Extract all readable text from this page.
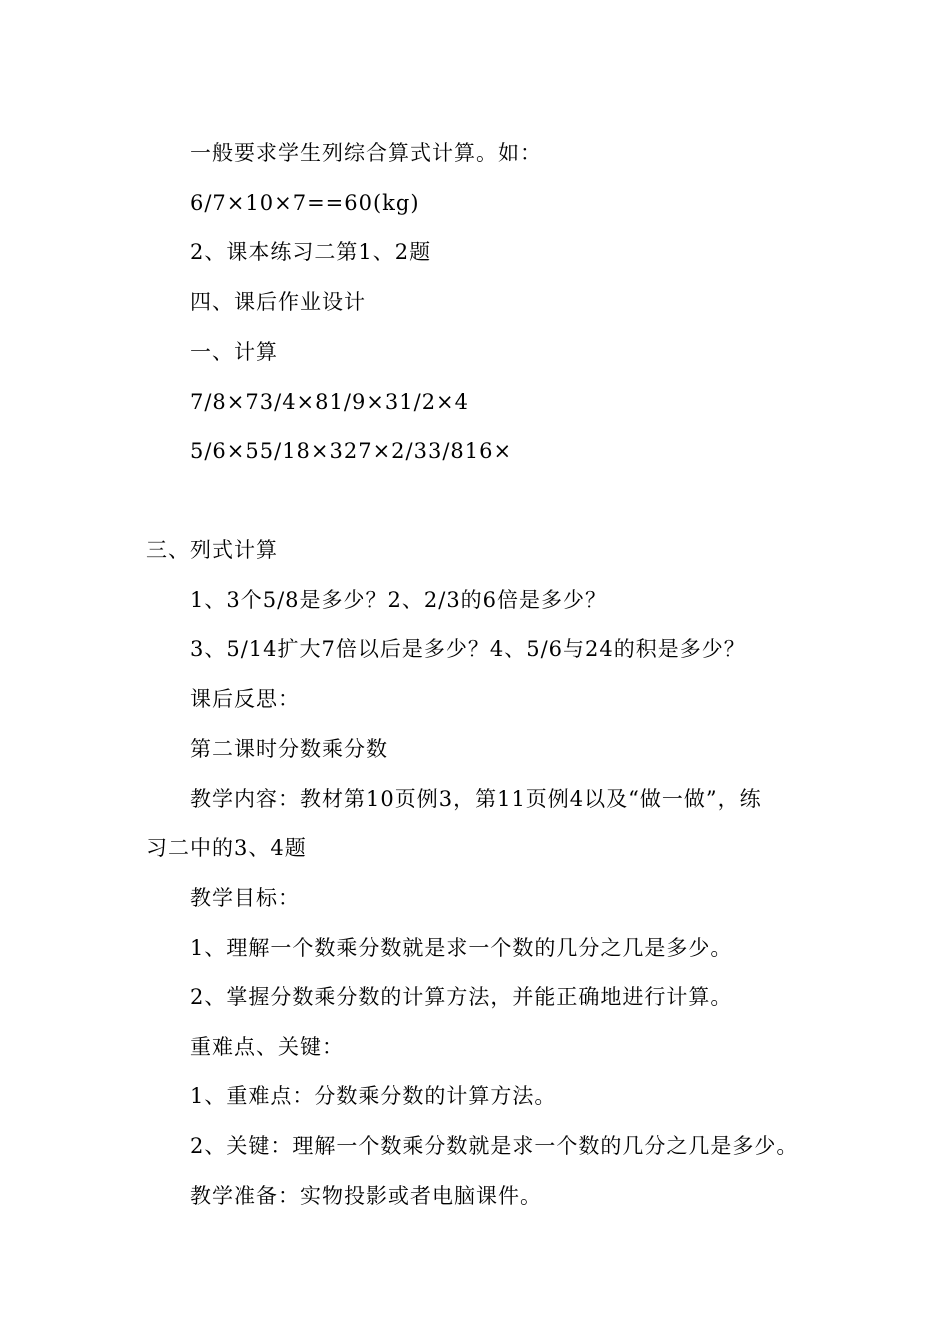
一般要求学生列综合算式计算。如：
6/7×10×7==60(kg)
2、课本练习二第1、2题
四、课后作业设计
一、计算
7/8×73/4×81/9×31/2×4
5/6×55/18×327×2/33/816×
三、列式计算
1、3个5/8是多少？2、2/3的6倍是多少？
3、5/14扩大7倍以后是多少？4、5/6与24的积是多少？
课后反思：
第二课时分数乘分数
教学内容：教材第10页例3，第11页例4以及“做一做”，练
习二中的3、4题
教学目标：
1、理解一个数乘分数就是求一个数的几分之几是多少。
2、掌握分数乘分数的计算方法，并能正确地进行计算。
重难点、关键：
1、重难点：分数乘分数的计算方法。
2、关键：理解一个数乘分数就是求一个数的几分之几是多少。
教学准备：实物投影或者电脑课件。
